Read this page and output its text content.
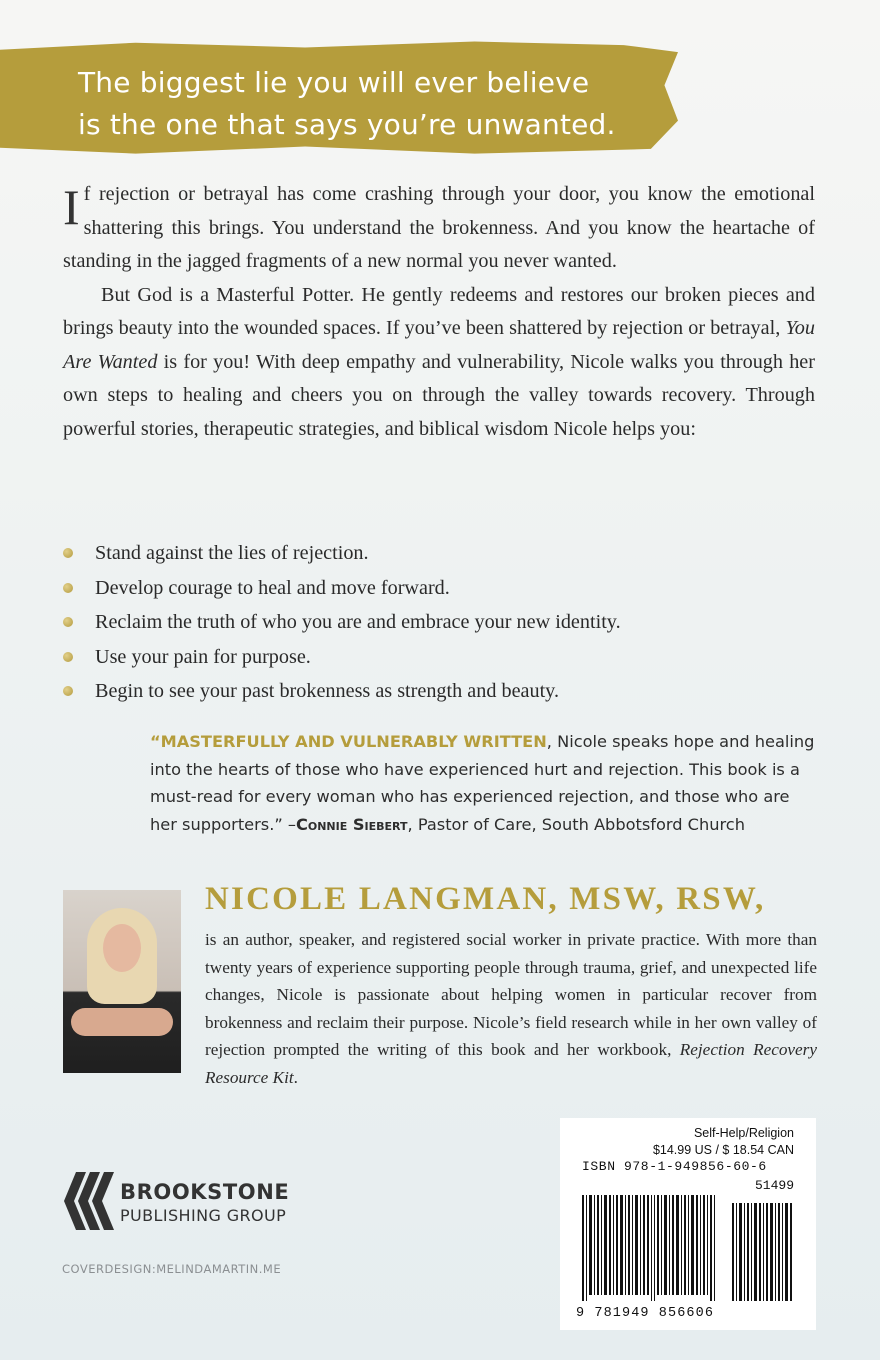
The biggest lie you will ever believe
is the one that says you’re unwanted.

If rejection or betrayal has come crashing through your door, you know the emotional shattering this brings. You understand the brokenness. And you know the heartache of standing in the jagged fragments of a new normal you never wanted.

But God is a Masterful Potter. He gently redeems and restores our broken pieces and brings beauty into the wounded spaces. If you’ve been shattered by rejection or betrayal, You Are Wanted is for you! With deep empathy and vulnerability, Nicole walks you through her own steps to healing and cheers you on through the valley towards recovery. Through powerful stories, therapeutic strategies, and biblical wisdom Nicole helps you:

Stand against the lies of rejection.
Develop courage to heal and move forward.
Reclaim the truth of who you are and embrace your new identity.
Use your pain for purpose.
Begin to see your past brokenness as strength and beauty.
“MASTERFULLY AND VULNERABLY WRITTEN, Nicole speaks hope and healing into the hearts of those who have experienced hurt and rejection. This book is a must-read for every woman who has experienced rejection, and those who are her supporters.” –Connie Siebert, Pastor of Care, South Abbotsford Church
NICOLE LANGMAN, MSW, RSW,

is an author, speaker, and registered social worker in private practice. With more than twenty years of experience supporting people through trauma, grief, and unexpected life changes, Nicole is passionate about helping women in particular recover from brokenness and reclaim their purpose. Nicole’s field research while in her own valley of rejection prompted the writing of this book and her workbook, Rejection Recovery Resource Kit.

BROOKSTONE
PUBLISHING GROUP
COVERDESIGN:MELINDAMARTIN.ME
Self-Help/Religion
$14.99 US / $ 18.54 CAN
ISBN 978-1-949856-60-6
51499
9 781949 856606
